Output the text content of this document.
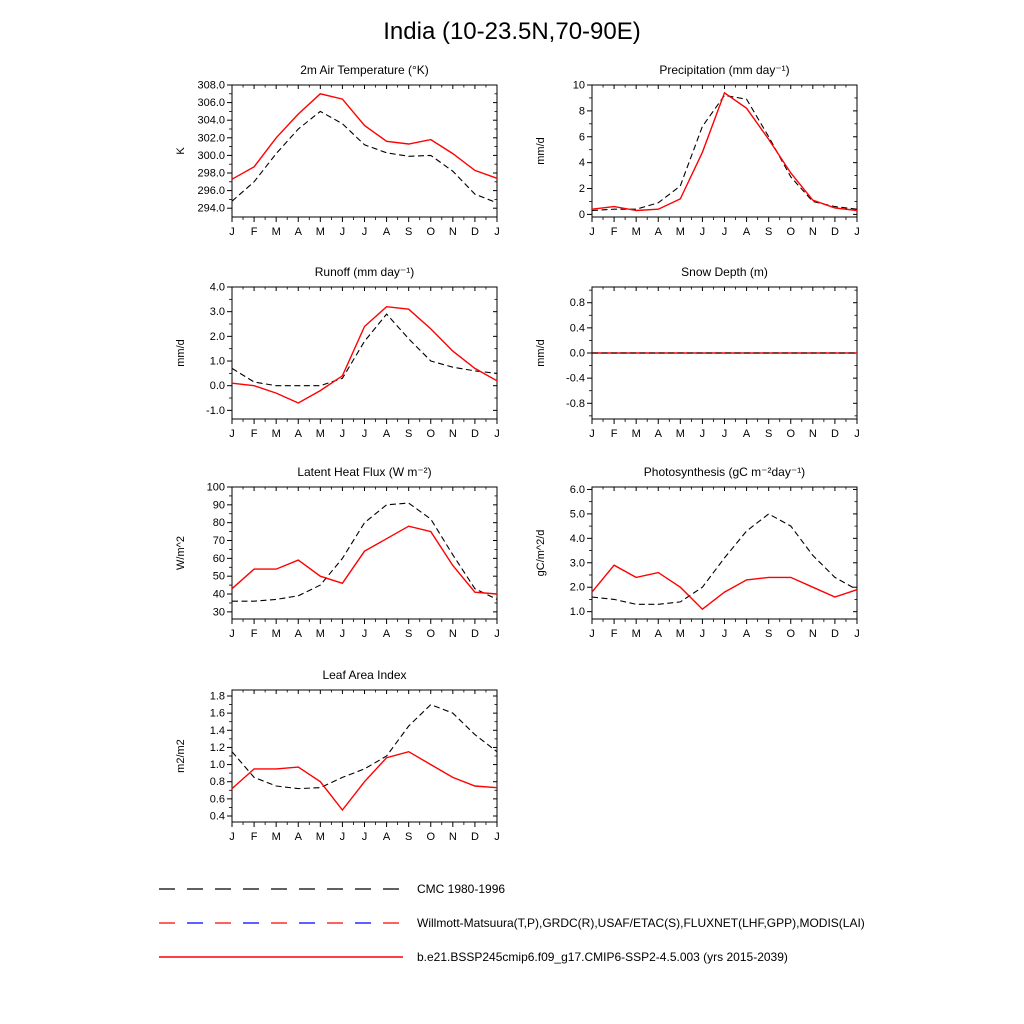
India (10-23.5N,70-90E)
2m Air Temperature (°K)
K
J F M A M J J A S O N D J
294.0
296.0
298.0
300.0
302.0
304.0
306.0
308.0
Precipitation (mm day⁻¹)
mm/d
J F M A M J J A S O N D J
0
2
4
6
8
10
Runoff (mm day⁻¹)
mm/d
J F M A M J J A S O N D J
-1.0
0.0
1.0
2.0
3.0
4.0
Snow Depth (m)
mm/d
J F M A M J J A S O N D J
-0.8
-0.4
0.0
0.4
0.8
Latent Heat Flux (W m⁻²)
W/m^2
J F M A M J J A S O N D J
30
40
50
60
70
80
90
100
Photosynthesis (gC m⁻²day⁻¹)
gC/m^2/d
J F M A M J J A S O N D J
1.0
2.0
3.0
4.0
5.0
6.0
Leaf Area Index
m2/m2
J F M A M J J A S O N D J
0.4
0.6
0.8
1.0
1.2
1.4
1.6
1.8
CMC 1980-1996
Willmott-Matsuura(T,P),GRDC(R),USAF/ETAC(S),FLUXNET(LHF,GPP),MODIS(LAI)
b.e21.BSSP245cmip6.f09_g17.CMIP6-SSP2-4.5.003 (yrs 2015-2039)
